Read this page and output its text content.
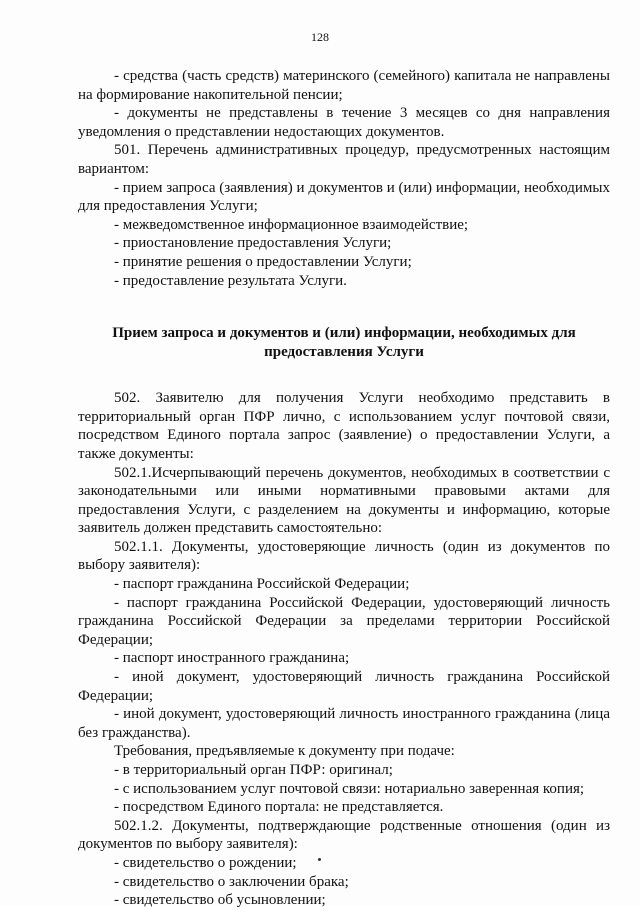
128

- средства (часть средств) материнского (семейного) капитала не направлены на формирование накопительной пенсии;

- документы не представлены в течение 3 месяцев со дня направления уведомления о представлении недостающих документов.

501. Перечень административных процедур, предусмотренных настоящим вариантом:

- прием запроса (заявления) и документов и (или) информации, необходимых для предоставления Услуги;

- межведомственное информационное взаимодействие;

- приостановление предоставления Услуги;

- принятие решения о предоставлении Услуги;

- предоставление результата Услуги.

Прием запроса и документов и (или) информации, необходимых для предоставления Услуги

502. Заявителю для получения Услуги необходимо представить в территориальный орган ПФР лично, с использованием услуг почтовой связи, посредством Единого портала запрос (заявление) о предоставлении Услуги, а также документы:

502.1.Исчерпывающий перечень документов, необходимых в соответствии с законодательными или иными нормативными правовыми актами для предоставления Услуги, с разделением на документы и информацию, которые заявитель должен представить самостоятельно:

502.1.1. Документы, удостоверяющие личность (один из документов по выбору заявителя):

- паспорт гражданина Российской Федерации;

- паспорт гражданина Российской Федерации, удостоверяющий личность гражданина Российской Федерации за пределами территории Российской Федерации;

- паспорт иностранного гражданина;

- иной документ, удостоверяющий личность гражданина Российской Федерации;

- иной документ, удостоверяющий личность иностранного гражданина (лица без гражданства).

Требования, предъявляемые к документу при подаче:

- в территориальный орган ПФР: оригинал;

- с использованием услуг почтовой связи: нотариально заверенная копия;

- посредством Единого портала: не представляется.

502.1.2. Документы, подтверждающие родственные отношения (один из документов по выбору заявителя):

- свидетельство о рождении;

- свидетельство о заключении брака;

- свидетельство об усыновлении;
